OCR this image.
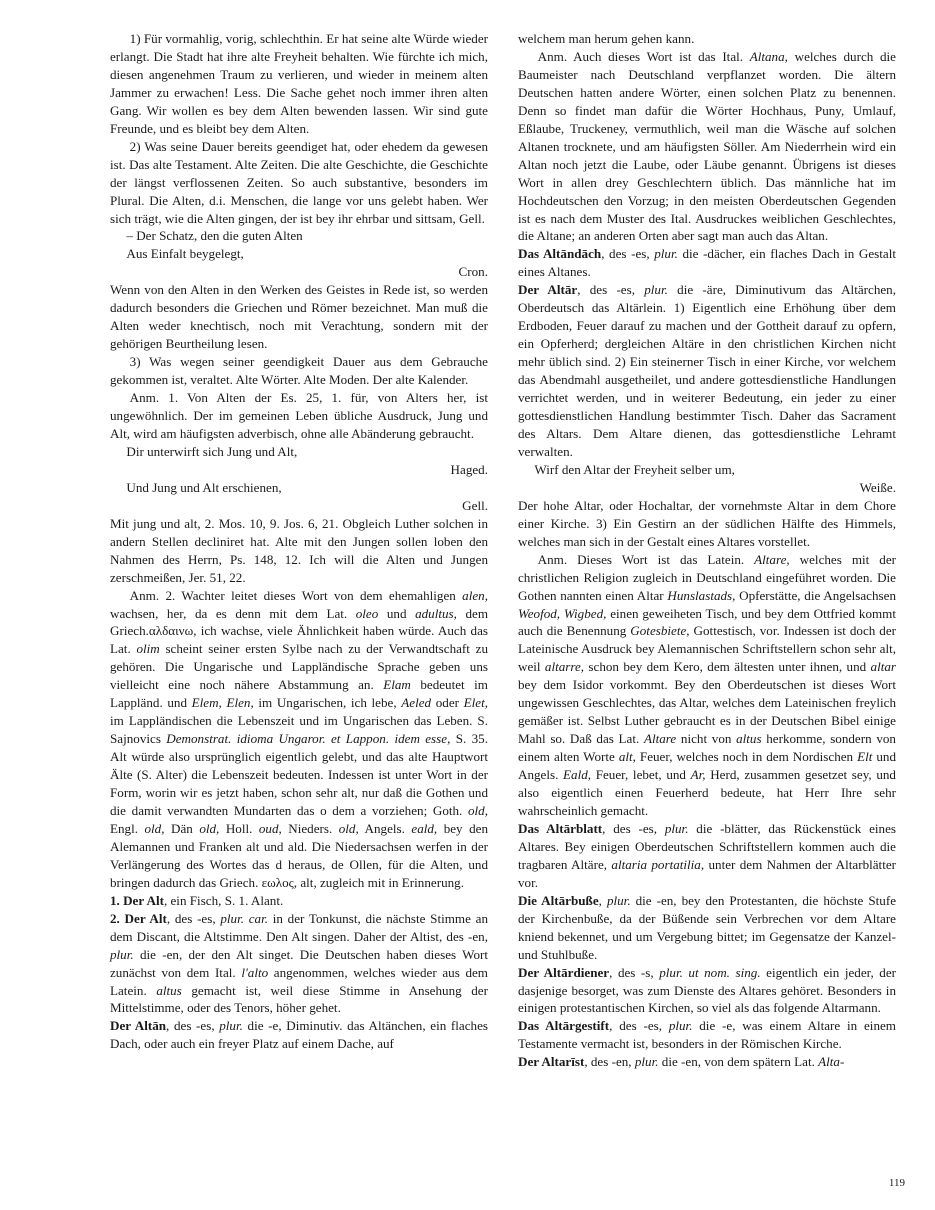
1) Für vormahlig, vorig, schlechthin. Er hat seine alte Würde wieder erlangt. Die Stadt hat ihre alte Freyheit behalten. Wie fürchte ich mich, diesen angenehmen Traum zu verlieren, und wieder in meinem alten Jammer zu erwachen! Less. Die Sache gehet noch immer ihren alten Gang. Wir wollen es bey dem Alten bewenden lassen. Wir sind gute Freunde, und es bleibt bey dem Alten.

2) Was seine Dauer bereits geendiget hat, oder ehedem da gewesen ist. Das alte Testament. Alte Zeiten. Die alte Geschichte, die Geschichte der längst verflossenen Zeiten. So auch substantive, besonders im Plural. Die Alten, d.i. Menschen, die lange vor uns gelebt haben. Wer sich trägt, wie die Alten gingen, der ist bey ihr ehrbar und sittsam, Gell.

– Der Schatz, den die guten Alten

Aus Einfalt beygelegt,

Cron.

Wenn von den Alten in den Werken des Geistes in Rede ist, so werden dadurch besonders die Griechen und Römer bezeichnet. Man muß die Alten weder knechtisch, noch mit Verachtung, sondern mit der gehörigen Beurtheilung lesen.

3) Was wegen seiner geendigkeit Dauer aus dem Gebrauche gekommen ist, veraltet. Alte Wörter. Alte Moden. Der alte Kalender.

Anm. 1. Von Alten der Es. 25, 1. für, von Alters her, ist ungewöhnlich. Der im gemeinen Leben übliche Ausdruck, Jung und Alt, wird am häufigsten adverbisch, ohne alle Abänderung gebraucht.

Dir unterwirft sich Jung und Alt,

Haged.

Und Jung und Alt erschienen,

Gell.

Mit jung und alt, 2. Mos. 10, 9. Jos. 6, 21. Obgleich Luther solchen in andern Stellen decliniret hat. Alte mit den Jungen sollen loben den Nahmen des Herrn, Ps. 148, 12. Ich will die Alten und Jungen zerschmeißen, Jer. 51, 22.

Anm. 2. Wachter leitet dieses Wort von dem ehemahligen alen, wachsen, her, da es denn mit dem Lat. oleo und adultus, dem Griech.αλδαινω, ich wachse, viele Ähnlichkeit haben würde. Auch das Lat. olim scheint seiner ersten Sylbe nach zu der Verwandtschaft zu gehören. Die Ungarische und Lappländische Sprache geben uns vielleicht eine noch nähere Abstammung an. Elam bedeutet im Lappländ. und Elem, Elen, im Ungarischen, ich lebe, Aeled oder Elet, im Lappländischen die Lebenszeit und im Ungarischen das Leben. S. Sajnovics Demonstrat. idioma Ungaror. et Lappon. idem esse, S. 35. Alt würde also ursprünglich eigentlich gelebt, und das alte Hauptwort Älte (S. Alter) die Lebenszeit bedeuten. Indessen ist unter Wort in der Form, worin wir es jetzt haben, schon sehr alt, nur daß die Gothen und die damit verwandten Mundarten das o dem a vorziehen; Goth. old, Engl. old, Dän old, Holl. oud, Nieders. old, Angels. eald, bey den Alemannen und Franken alt und ald. Die Niedersachsen werfen in der Verlängerung des Wortes das d heraus, de Ollen, für die Alten, und bringen dadurch das Griech. εωλος, alt, zugleich mit in Erinnerung.

1. Der Alt, ein Fisch, S. 1. Alant.

2. Der Alt, des -es, plur. car. in der Tonkunst, die nächste Stimme an dem Discant, die Altstimme. Den Alt singen. Daher der Altist, des -en, plur. die -en, der den Alt singet. Die Deutschen haben dieses Wort zunächst von dem Ital. l'alto angenommen, welches wieder aus dem Latein. altus gemacht ist, weil diese Stimme in Ansehung der Mittelstimme, oder des Tenors, höher gehet.

Der Altān, des -es, plur. die -e, Diminutiv. das Altänchen, ein flaches Dach, oder auch ein freyer Platz auf einem Dache, auf

welchem man herum gehen kann.

Anm. Auch dieses Wort ist das Ital. Altana, welches durch die Baumeister nach Deutschland verpflanzet worden. Die ältern Deutschen hatten andere Wörter, einen solchen Platz zu benennen. Denn so findet man dafür die Wörter Hochhaus, Puny, Umlauf, Eßlaube, Truckeney, vermuthlich, weil man die Wäsche auf solchen Altanen trocknete, und am häufigsten Söller. Am Niederrhein wird ein Altan noch jetzt die Laube, oder Läube genannt. Übrigens ist dieses Wort in allen drey Geschlechtern üblich. Das männliche hat im Hochdeutschen den Vorzug; in den meisten Oberdeutschen Gegenden ist es nach dem Muster des Ital. Ausdruckes weiblichen Geschlechtes, die Altane; an anderen Orten aber sagt man auch das Altan.

Das Altāndāch, des -es, plur. die -dächer, ein flaches Dach in Gestalt eines Altanes.

Der Altār, des -es, plur. die -äre, Diminutivum das Altärchen, Oberdeutsch das Altärlein. 1) Eigentlich eine Erhöhung über dem Erdboden, Feuer darauf zu machen und der Gottheit darauf zu opfern, ein Opferherd; dergleichen Altäre in den christlichen Kirchen nicht mehr üblich sind. 2) Ein steinerner Tisch in einer Kirche, vor welchem das Abendmahl ausgetheilet, und andere gottesdienstliche Handlungen verrichtet werden, und in weiterer Bedeutung, ein jeder zu einer gottesdienstlichen Handlung bestimmter Tisch. Daher das Sacrament des Altars. Dem Altare dienen, das gottesdienstliche Lehramt verwalten.

Wirf den Altar der Freyheit selber um,

Weiße.

Der hohe Altar, oder Hochaltar, der vornehmste Altar in dem Chore einer Kirche. 3) Ein Gestirn an der südlichen Hälfte des Himmels, welches man sich in der Gestalt eines Altares vorstellet.

Anm. Dieses Wort ist das Latein. Altare, welches mit der christlichen Religion zugleich in Deutschland eingeführet worden. Die Gothen nannten einen Altar Hunslastads, Opferstätte, die Angelsachsen Weofod, Wigbed, einen geweiheten Tisch, und bey dem Ottfried kommt auch die Benennung Gotesbiete, Gottestisch, vor. Indessen ist doch der Lateinische Ausdruck bey Alemannischen Schriftstellern schon sehr alt, weil altarre, schon bey dem Kero, dem ältesten unter ihnen, und altar bey dem Isidor vorkommt. Bey den Oberdeutschen ist dieses Wort ungewissen Geschlechtes, das Altar, welches dem Lateinischen freylich gemäßer ist. Selbst Luther gebraucht es in der Deutschen Bibel einige Mahl so. Daß das Lat. Altare nicht von altus herkomme, sondern von einem alten Worte alt, Feuer, welches noch in dem Nordischen Elt und Angels. Eald, Feuer, lebet, und Ar, Herd, zusammen gesetzet sey, und also eigentlich einen Feuerherd bedeute, hat Herr Ihre sehr wahrscheinlich gemacht.

Das Altārblatt, des -es, plur. die -blätter, das Rückenstück eines Altares. Bey einigen Oberdeutschen Schriftstellern kommen auch die tragbaren Altäre, altaria portatilia, unter dem Nahmen der Altarblätter vor.

Die Altārbuße, plur. die -en, bey den Protestanten, die höchste Stufe der Kirchenbuße, da der Büßende sein Verbrechen vor dem Altare kniend bekennet, und um Vergebung bittet; im Gegensatze der Kanzel- und Stuhlbuße.

Der Altārdiener, des -s, plur. ut nom. sing. eigentlich ein jeder, der dasjenige besorget, was zum Dienste des Altares gehöret. Besonders in einigen protestantischen Kirchen, so viel als das folgende Altarmann.

Das Altārgestift, des -es, plur. die -e, was einem Altare in einem Testamente vermacht ist, besonders in der Römischen Kirche.

Der Altarīst, des -en, plur. die -en, von dem spätern Lat. Alta-

119
